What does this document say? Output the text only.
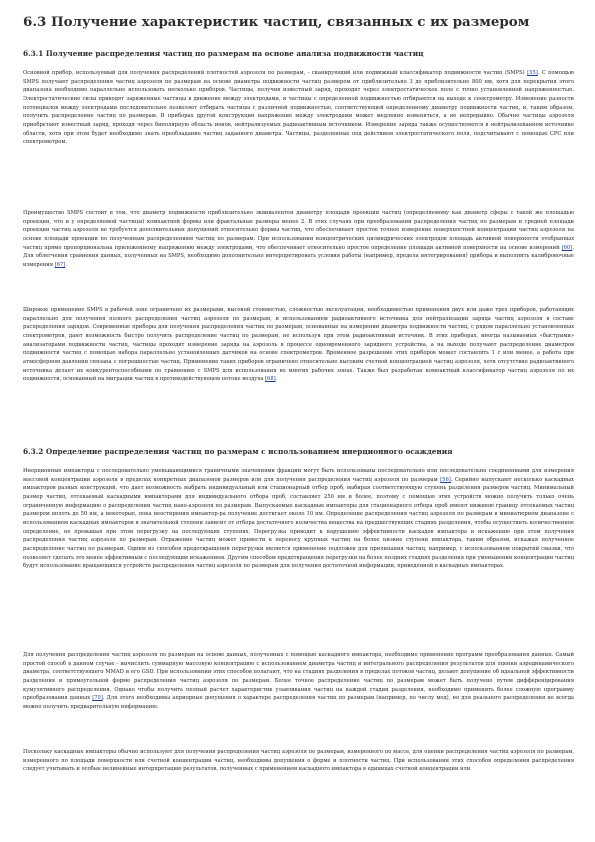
6.3 Получение характеристик частиц, связанных с их размером
6.3.1 Получение распределения частиц по размерам на основе анализа подвижности частиц

Основной прибор, используемый для получения распределений плотностей аэрозоля по размерам, - сканирующий или подвижный классификатор подвижности частиц (SMPS) [55]. С помощью SMPS получают распределения частиц аэрозоля по размерам на основе диаметра подвижности частиц размером от приблизительно 3 до приблизительно 800 нм, хотя для перекрытия этого диапазона необходимо параллельно использовать несколько приборов. Частицы, получив известный заряд, проходят через электростатическое поле с точно установленной напряженностью. Электростатические силы приводят заряженные частицы в движение между электродами, и частицы с определенной подвижностью отбираются на выходе к спектрометру. Изменение разности потенциалов между электродами последовательно позволяет отбирать частицы с различной подвижностью, соответствующей определенному диаметру подвижности частиц, и, таким образом, получить распределение частиц по размерам. В приборах другой конструкции напряжение между электродами может медленно изменяться, а не непрерывно. Обычно частицы аэрозоля приобретают известный заряд, проходя через биполярную область ионов, нейтрализуемых радиоактивным источником. Измерение заряда также осуществляется в нейтрализованном источнике области, хотя при этом будет необходимо знать преобладание частиц заданного диаметра. Частицы, разделенные под действием электростатического поля, подсчитывают с помощью CPC или спектрометром.

Преимущество SMPS состоит в том, что диаметр подвижности приблизительно эквивалентен диаметру площади проекции частиц (определяемому как диаметр сферы с такой же площадью проекции, что и у определяемой частицы) компактной формы или фрактальные размеры менее 2. В этих случаях при преобразовании распределения частиц по размерам и средней площади проекции частиц аэрозоля не требуется дополнительных допущений относительно формы частиц, что обеспечивает простое точное измерение поверхностной концентрации частиц аэрозоля на основе площади проекции по полученным распределениям частиц по размерам. При использовании концентрических цилиндрических электродов площадь активной поверхности отобранных частиц прямо пропорциональна приложенному напряжению между электродами, что обеспечивает относительно простое определение площади активной поверхности на основе измерений [60]. Для облегчения сравнения данных, полученных на SMPS, необходимо дополнительно интерпретировать условия работы (например, предела интегрирования) прибора и выполнить калибровочные измерения [67].

Широкое применение SMPS в рабочей зоне ограничено их размерами, высокой стоимостью, сложностью эксплуатации, необходимостью применения двух или даже трех приборов, работающих параллельно для получения полного распределения частиц аэрозоля по размерам, и использованием радиоактивного источника для нейтрализации заряда частиц аэрозоля в составе распределения зарядов. Современные приборы для получения распределения частиц по размерам, основанные на измерении диаметра подвижности частиц, с рядом параллельно установленных спектрометров, дают возможность быстро получить распределение частиц по размерам, не используя при этом радиоактивный источник. В этих приборах, иногда называемых «быстрыми» анализаторами подвижности частиц, частицы проходят измерение заряда на аэрозоль в процессе одновременного зарядного устройства, а на выходе получают распределение диаметров подвижности частиц с помощью набора параллельно установленных датчиков на основе спектрометров. Временное разрешение этих приборов может составлять 1 с или менее, а работа при атмосферном давлении связана с погрешностью частиц. Применение таких приборов ограничено относительно высоким счетной концентрацией частиц аэрозоля, хотя отсутствие радиоактивного источника делает их конкурентоспособными по сравнению с SMPS для использования во многих рабочих зонах. Также был разработан компактный классификатор частиц аэрозоля по их подвижности, основанный на миграции частиц в противодействующем потоке воздуха [68].

6.3.2 Определение распределения частиц по размерам с использованием инерционного осаждения

Инерционные импакторы с последовательно уменьшающимися граничными значениями фракции могут быть использованы последовательно или последовательно соединенными для измерения массовой концентрации аэрозоля в пределах конкретных диапазонов размеров или для получения распределения частиц аэрозоля по размерам [56]. Серийно выпускают несколько каскадных импакторов разных конструкций, что дает возможность выбрать индивидуальный или стационарный отбор проб, выбирая соответствующую ступень разделения размеров частиц. Минимальный размер частиц, отсекаемый каскадными импакторами для индивидуального отбора проб, составляет 250 нм и более, поэтому с помощью этих устройств можно получить только очень ограниченную информацию о распределении частиц нано-аэрозоля по размерам. Выпускаемые каскадные импакторы для стационарного отбора проб имеют нижнюю границу отсекаемых частиц размером вплоть до 50 нм, а некоторые, пока неостирения импактор-ра получение достигает около 10 нм. Определение распределения частиц аэрозоля по размерам в миниатюрном диапазоне с использованием каскадных импакторов в значительной степени зависит от отбора достаточного количества вещества на предшествующих стадиях разделения, чтобы осуществить количественное определение, не превышая при этом перегрузку на последующих ступенях. Перегрузка приводит к нарушению эффективности каскадов импактора и искажению при этом получения распределения частиц аэрозоля по размерам. Отражение частиц может привести к переносу крупных частиц на более низкие ступени импактора, таким образом, искажая полученное распределение частиц по размерам. Одним из способов предотвращения перегрузки является применение подложек для прилипания частиц, например, с использованием покрытий смазки, что позволяет сделать это менее эффективным с последующим искажением. Другим способом предотвращения перегрузки на более поздних стадиях разделения при уменьшении концентрации частиц будут использование вращающихся устройств распределения частиц аэрозоля по размерам для получения достаточной информации, приведенной в каскадных импакторах.

Для получения распределения частиц аэрозоля по размерам на основе данных, полученных с помощью каскадного импактора, необходимо применение программ преобразования данных. Самый простой способ в данном случае - вычислить суммарную массовую концентрацию с использованием диаметра частиц и интегрального распределения результатов для оценки аэродинамического диаметра, соответствующего MMAD и его GSD. При использовании этих способов полагают, что на стадиях разделения в пределах потоков частиц, делают допущение об идеальной эффективности разделения и прямоугольной форме распределения частиц аэрозоля по размерам. Более точное распределение частиц по размерам может быть получено путем дифференцирования кумулятивного распределения. Однако чтобы получить полный расчет характеристик улавливания частиц на каждой стадии разделения, необходимо применить более сложную программу преобразования данных [70]. Для этого необходимы априорные допущения о характере распределения частиц по размерам (например, по числу мод), но для реального распределения не всегда можно получить предварительную информацию.

Поскольку каскадные импакторы обычно используют для получения распределения частиц аэрозоля по размерам, измеренного по массе, для оценки распределения частиц аэрозоля по размерам, измеренного по площади поверхности или счетной концентрации частиц, необходимы допущения о форме и плотности частиц. При использовании этих способов определения распределения следует учитывать и особые нелинейные интерпретацию результатов, полученных с применением каскадного импактора в единицах счетной концентрации или
